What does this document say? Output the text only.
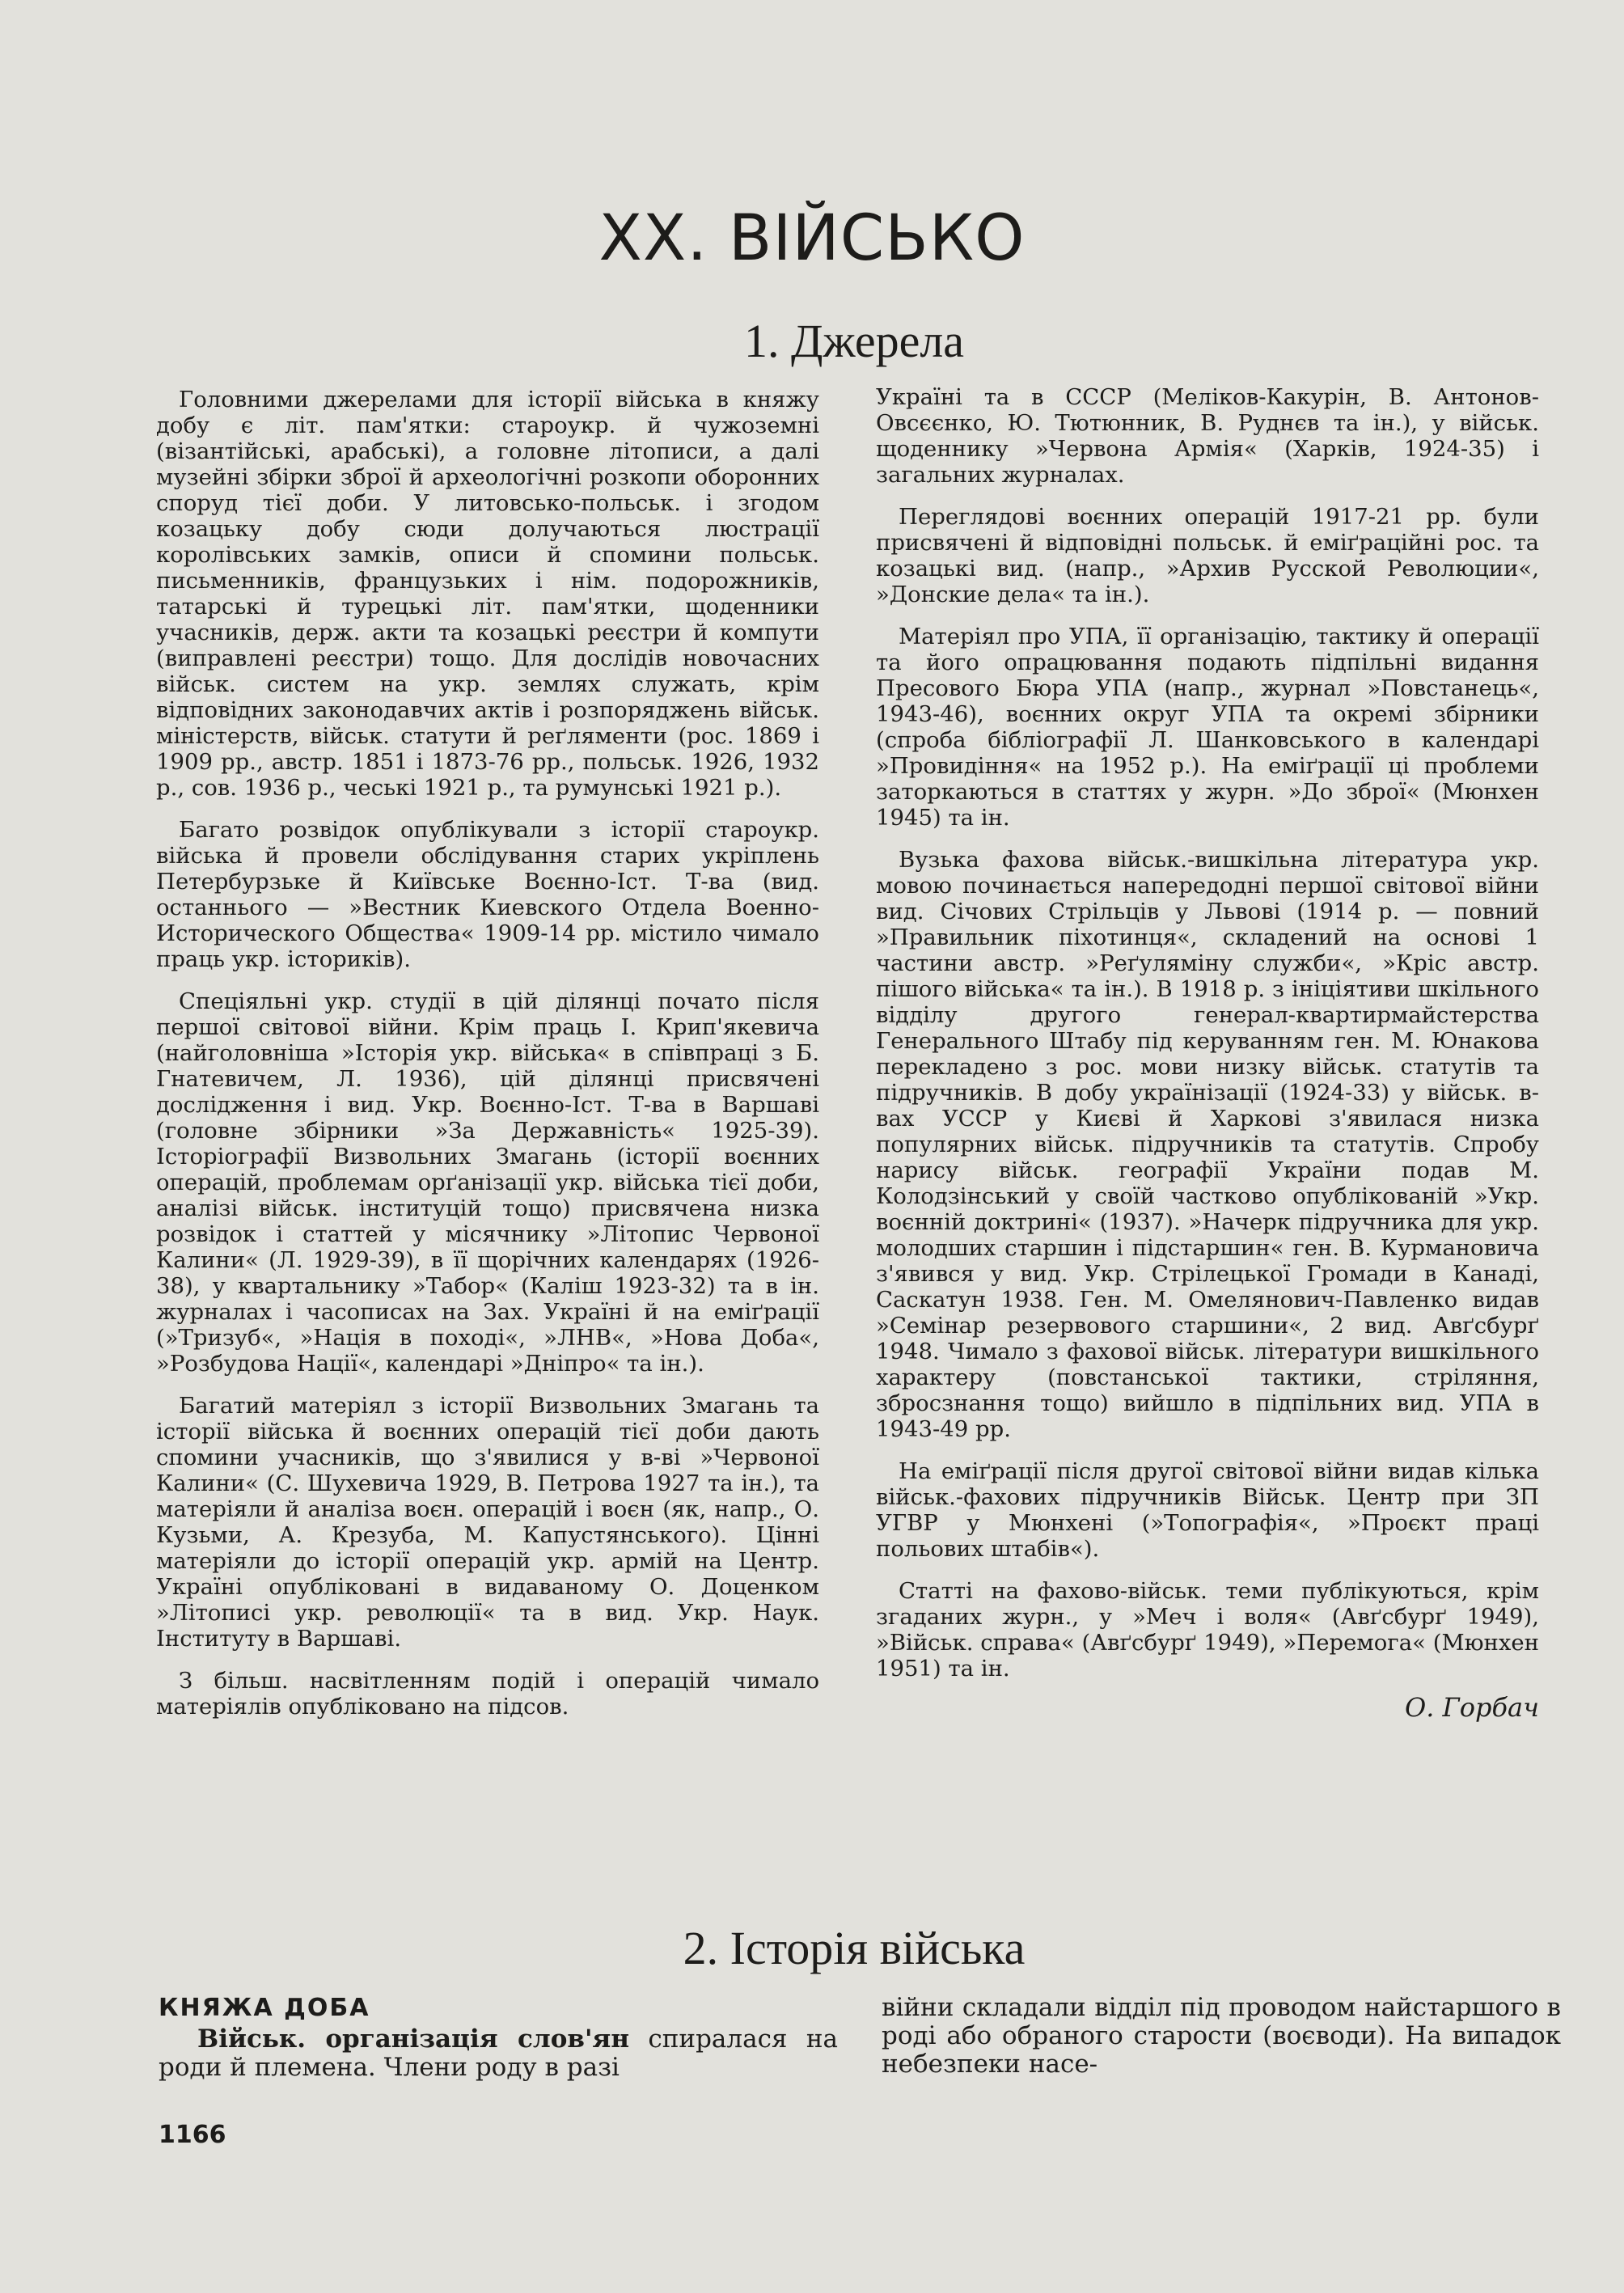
XX. ВІЙСЬКО
1. Джерела

Головними джерелами для історії війська в княжу добу є літ. пам'ятки: староукр. й чужоземні (візантійські, арабські), а головне літописи, а далі музейні збірки зброї й археологічні розкопи оборонних споруд тієї доби. У литовсько-польськ. і згодом козацьку добу сюди долучаються люстрації королівських замків, описи й спомини польськ. письменників, французьких і нім. подорожників, татарські й турецькі літ. пам'ятки, щоденники учасників, держ. акти та козацькі реєстри й компути (виправлені реєстри) тощо. Для дослідів новочасних військ. систем на укр. землях служать, крім відповідних законодавчих актів і розпоряджень військ. міністерств, військ. статути й реґляменти (рос. 1869 і 1909 рр., австр. 1851 і 1873-76 рр., польськ. 1926, 1932 р., сов. 1936 р., чеські 1921 р., та румунські 1921 р.).

Багато розвідок опублікували з історії староукр. війська й провели обслідування старих укріплень Петербурзьке й Київське Воєнно-Іст. Т-ва (вид. останнього — »Вестник Киевского Отдела Военно-Исторического Общества« 1909-14 рр. містило чимало праць укр. істориків).

Спеціяльні укр. студії в цій ділянці почато після першої світової війни. Крім праць І. Крип'якевича (найголовніша »Історія укр. війська« в співпраці з Б. Гнатевичем, Л. 1936), цій ділянці присвячені дослідження і вид. Укр. Воєнно-Іст. Т-ва в Варшаві (головне збірники »За Державність« 1925-39). Історіографії Визвольних Змагань (історії воєнних операцій, проблемам орґанізації укр. війська тієї доби, аналізі військ. інституцій тощо) присвячена низка розвідок і статтей у місячнику »Літопис Червоної Калини« (Л. 1929-39), в її щорічних календарях (1926-38), у квартальнику »Табор« (Каліш 1923-32) та в ін. журналах і часописах на Зах. Україні й на еміґрації (»Тризуб«, »Нація в поході«, »ЛНВ«, »Нова Доба«, »Розбудова Нації«, календарі »Дніпро« та ін.).

Багатий матеріял з історії Визвольних Змагань та історії війська й воєнних операцій тієї доби дають спомини учасників, що з'явилися у в-ві »Червоної Калини« (С. Шухевича 1929, В. Петрова 1927 та ін.), та матеріяли й аналіза воєн. операцій і воєн (як, напр., О. Кузьми, А. Крезуба, М. Капустянського). Цінні матеріяли до історії операцій укр. армій на Центр. Україні опубліковані в видаваному О. Доценком »Літописі укр. революції« та в вид. Укр. Наук. Інституту в Варшаві.

З більш. насвітленням подій і операцій чимало матеріялів опубліковано на підсов.

Україні та в СССР (Меліков-Какурін, В. Антонов-Овсєєнко, Ю. Тютюнник, В. Руднєв та ін.), у військ. щоденнику »Червона Армія« (Харків, 1924-35) і загальних журналах.

Переглядові воєнних операцій 1917-21 рр. були присвячені й відповідні польськ. й еміґраційні рос. та козацькі вид. (напр., »Архив Русской Революции«, »Донские дела« та ін.).

Матеріял про УПА, її організацію, тактику й операції та його опрацювання подають підпільні видання Пресового Бюра УПА (напр., журнал »Повстанець«, 1943-46), воєнних округ УПА та окремі збірники (спроба бібліографії Л. Шанковського в календарі »Провидіння« на 1952 р.). На еміґрації ці проблеми заторкаються в статтях у журн. »До зброї« (Мюнхен 1945) та ін.

Вузька фахова військ.-вишкільна література укр. мовою починається напередодні першої світової війни вид. Січових Стрільців у Львові (1914 р. — повний »Правильник піхотинця«, складений на основі 1 частини австр. »Реґуляміну служби«, »Кріс австр. пішого війська« та ін.). В 1918 р. з ініціятиви шкільного відділу другого генерал-квартирмайстерства Генерального Штабу під керуванням ген. М. Юнакова перекладено з рос. мови низку військ. статутів та підручників. В добу українізації (1924-33) у військ. в-вах УССР у Києві й Харкові з'явилася низка популярних військ. підручників та статутів. Спробу нарису військ. географії України подав М. Колодзінський у своїй частково опублікованій »Укр. воєнній доктрині« (1937). »Начерк підручника для укр. молодших старшин і підстаршин« ген. В. Курмановича з'явився у вид. Укр. Стрілецької Громади в Канаді, Саскатун 1938. Ген. М. Омелянович-Павленко видав »Семінар резервового старшини«, 2 вид. Авґсбурґ 1948. Чимало з фахової військ. літератури вишкільного характеру (повстанської тактики, стріляння, збросзнання тощо) вийшло в підпільних вид. УПА в 1943-49 рр.

На еміґрації після другої світової війни видав кілька військ.-фахових підручників Військ. Центр при ЗП УГВР у Мюнхені (»Топографія«, »Проєкт праці польових штабів«).

Статті на фахово-військ. теми публікуються, крім згаданих журн., у »Меч і воля« (Авґсбурґ 1949), »Військ. справа« (Авґсбурґ 1949), »Перемога« (Мюнхен 1951) та ін.

О. Горбач
2. Історія війська
КНЯЖА ДОБА

Військ. організація слов'ян спиралася на роди й племена. Члени роду в разі

війни складали відділ під проводом найстаршого в роді або обраного старости (воєводи). На випадок небезпеки насе-

1166
